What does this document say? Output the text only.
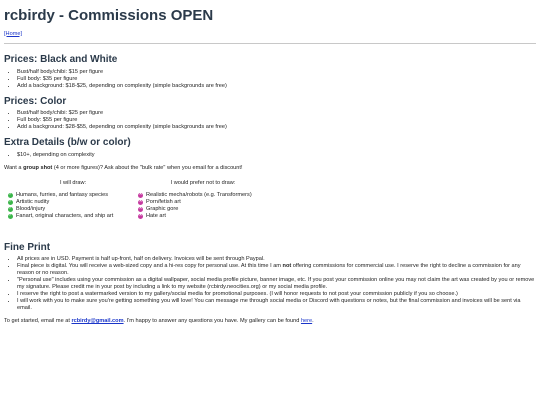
rcbirdy - Commissions OPEN
[Home]
Prices: Black and White
• Bust/half body/chibi: $15 per figure
• Full body: $35 per figure
• Add a background: $18-$25, depending on complexity (simple backgrounds are free)
Prices: Color
• Bust/half body/chibi: $25 per figure
• Full body: $55 per figure
• Add a background: $28-$55, depending on complexity (simple backgrounds are free)
Extra Details (b/w or color)
• $10+, depending on complexity

Want a group shot (4 or more figures)? Ask about the "bulk rate" when you email for a discount!

I will draw:
✓ Humans, furries, and fantasy species
✓ Artistic nudity
✓ Blood/injury
✓ Fanart, original characters, and ship art
I would prefer not to draw:
✕ Realistic mecha/robots (e.g. Transformers)
✕ Porn/fetish art
✕ Graphic gore
✕ Hate art
Fine Print
• All prices are in USD. Payment is half up-front, half on delivery. Invoices will be sent through Paypal.
• Final piece is digital. You will receive a web-sized copy and a hi-res copy for personal use. At this time I am not offering commissions for commercial use. I reserve the right to decline a commission for any reason or no reason.
• "Personal use" includes using your commission as a digital wallpaper, social media profile picture, banner image, etc. If you post your commission online you may not claim the art was created by you or remove my signature. Please credit me in your post by including a link to my website (rcbirdy.neocities.org) or my social media profile.
• I reserve the right to post a watermarked version to my gallery/social media for promotional purposes. (I will honor requests to not post your commission publicly if you so choose.)
• I will work with you to make sure you're getting something you will love! You can message me through social media or Discord with questions or notes, but the final commission and invoices will be sent via email.

To get started, email me at rcbirdy@gmail.com. I'm happy to answer any questions you have. My gallery can be found here.
